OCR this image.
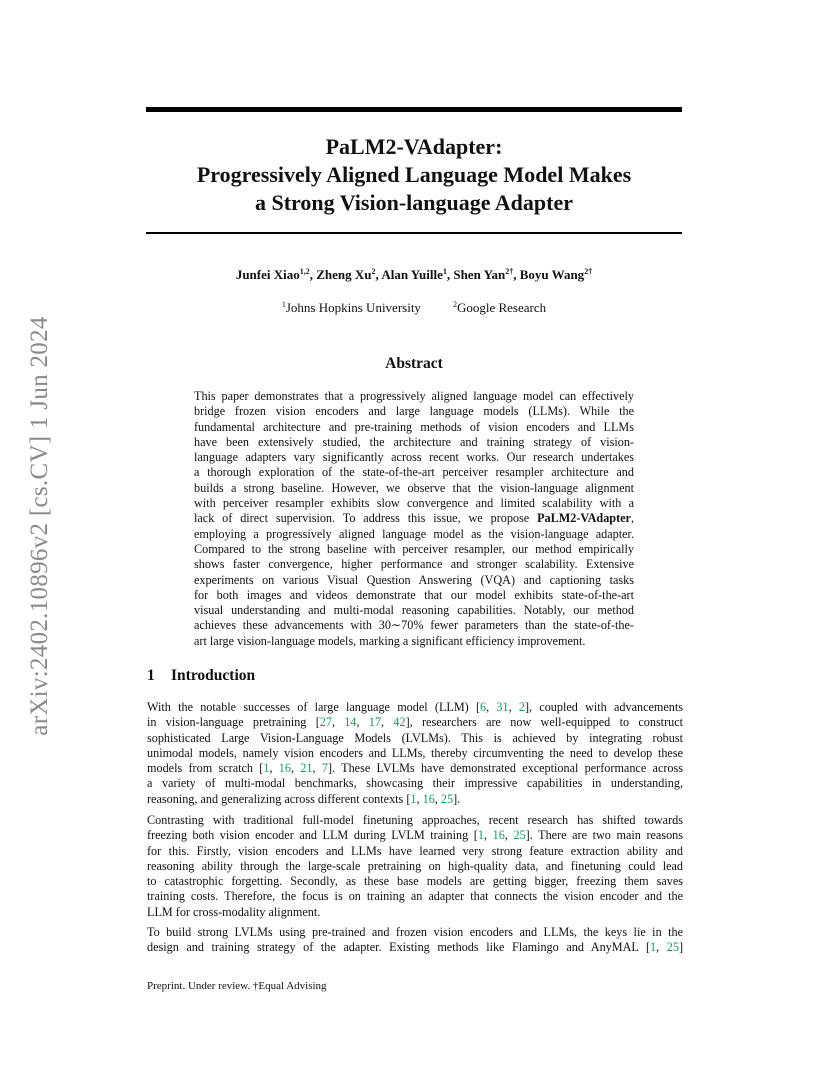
arXiv:2402.10896v2 [cs.CV] 1 Jun 2024
PaLM2-VAdapter:
Progressively Aligned Language Model Makes
a Strong Vision-language Adapter
Junfei Xiao$^{1,2}$, Zheng Xu$^2$, Alan Yuille$^1$, Shen Yan$^{2\dagger}$, Boyu Wang$^{2\dagger}$
$^1$Johns Hopkins University	$^2$Google Research
Abstract
This paper demonstrates that a progressively aligned language model can effectively
bridge frozen vision encoders and large language models (LLMs). While the
fundamental architecture and pre-training methods of vision encoders and LLMs
have been extensively studied, the architecture and training strategy of vision-
language adapters vary significantly across recent works. Our research undertakes
a thorough exploration of the state-of-the-art perceiver resampler architecture and
builds a strong baseline. However, we observe that the vision-language alignment
with perceiver resampler exhibits slow convergence and limited scalability with a
lack of direct supervision. To address this issue, we propose PaLM2-VAdapter,
employing a progressively aligned language model as the vision-language adapter.
Compared to the strong baseline with perceiver resampler, our method empirically
shows faster convergence, higher performance and stronger scalability. Extensive
experiments on various Visual Question Answering (VQA) and captioning tasks
for both images and videos demonstrate that our model exhibits state-of-the-art
visual understanding and multi-modal reasoning capabilities. Notably, our method
achieves these advancements with 30∼70% fewer parameters than the state-of-the-
art large vision-language models, marking a significant efficiency improvement.
1 Introduction
With the notable successes of large language model (LLM) [6, 31, 2], coupled with advancements
in vision-language pretraining [27, 14, 17, 42], researchers are now well-equipped to construct
sophisticated Large Vision-Language Models (LVLMs). This is achieved by integrating robust
unimodal models, namely vision encoders and LLMs, thereby circumventing the need to develop these
models from scratch [1, 16, 21, 7]. These LVLMs have demonstrated exceptional performance across
a variety of multi-modal benchmarks, showcasing their impressive capabilities in understanding,
reasoning, and generalizing across different contexts [1, 16, 25].
Contrasting with traditional full-model finetuning approaches, recent research has shifted towards
freezing both vision encoder and LLM during LVLM training [1, 16, 25]. There are two main reasons
for this. Firstly, vision encoders and LLMs have learned very strong feature extraction ability and
reasoning ability through the large-scale pretraining on high-quality data, and finetuning could lead
to catastrophic forgetting. Secondly, as these base models are getting bigger, freezing them saves
training costs. Therefore, the focus is on training an adapter that connects the vision encoder and the
LLM for cross-modality alignment.
To build strong LVLMs using pre-trained and frozen vision encoders and LLMs, the keys lie in the
design and training strategy of the adapter. Existing methods like Flamingo and AnyMAL [1, 25]
Preprint. Under review. †Equal Advising
